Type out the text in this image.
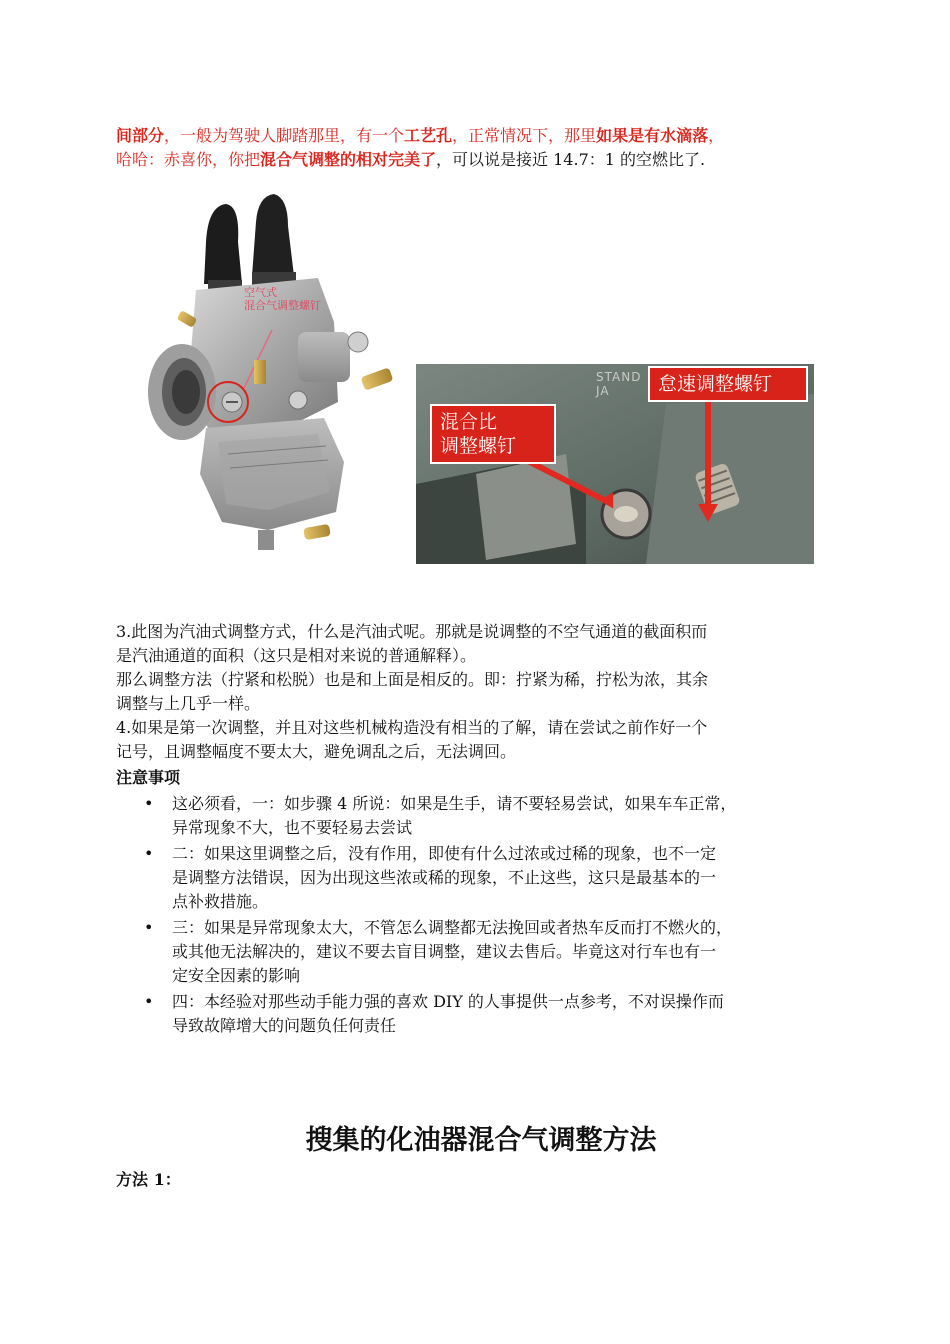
间部分，一般为驾驶人脚踏那里，有一个工艺孔，正常情况下，那里如果是有水滴落，
哈哈：赤喜你，你把混合气调整的相对完美了，可以说是接近 14.7：1 的空燃比了.
空气式
混合气调整螺钉
STAND JA
混合比
调整螺钉
怠速调整螺钉
3.此图为汽油式调整方式，什么是汽油式呢。那就是说调整的不空气通道的截面积而
是汽油通道的面积（这只是相对来说的普通解释）。
那么调整方法（拧紧和松脱）也是和上面是相反的。即：拧紧为稀，拧松为浓，其余
调整与上几乎一样。
4.如果是第一次调整，并且对这些机械构造没有相当的了解，请在尝试之前作好一个
记号，且调整幅度不要太大，避免调乱之后，无法调回。
注意事项
• 这必须看，一：如步骤 4 所说：如果是生手，请不要轻易尝试，如果车车正常，
异常现象不大，也不要轻易去尝试
• 二：如果这里调整之后，没有作用，即使有什么过浓或过稀的现象，也不一定
是调整方法错误，因为出现这些浓或稀的现象，不止这些，这只是最基本的一
点补救措施。
• 三：如果是异常现象太大，不管怎么调整都无法挽回或者热车反而打不燃火的，
或其他无法解决的，建议不要去盲目调整，建议去售后。毕竟这对行车也有一
定安全因素的影响
• 四：本经验对那些动手能力强的喜欢 DIY 的人事提供一点参考，不对误操作而
导致故障增大的问题负任何责任
搜集的化油器混合气调整方法
方法 1：
